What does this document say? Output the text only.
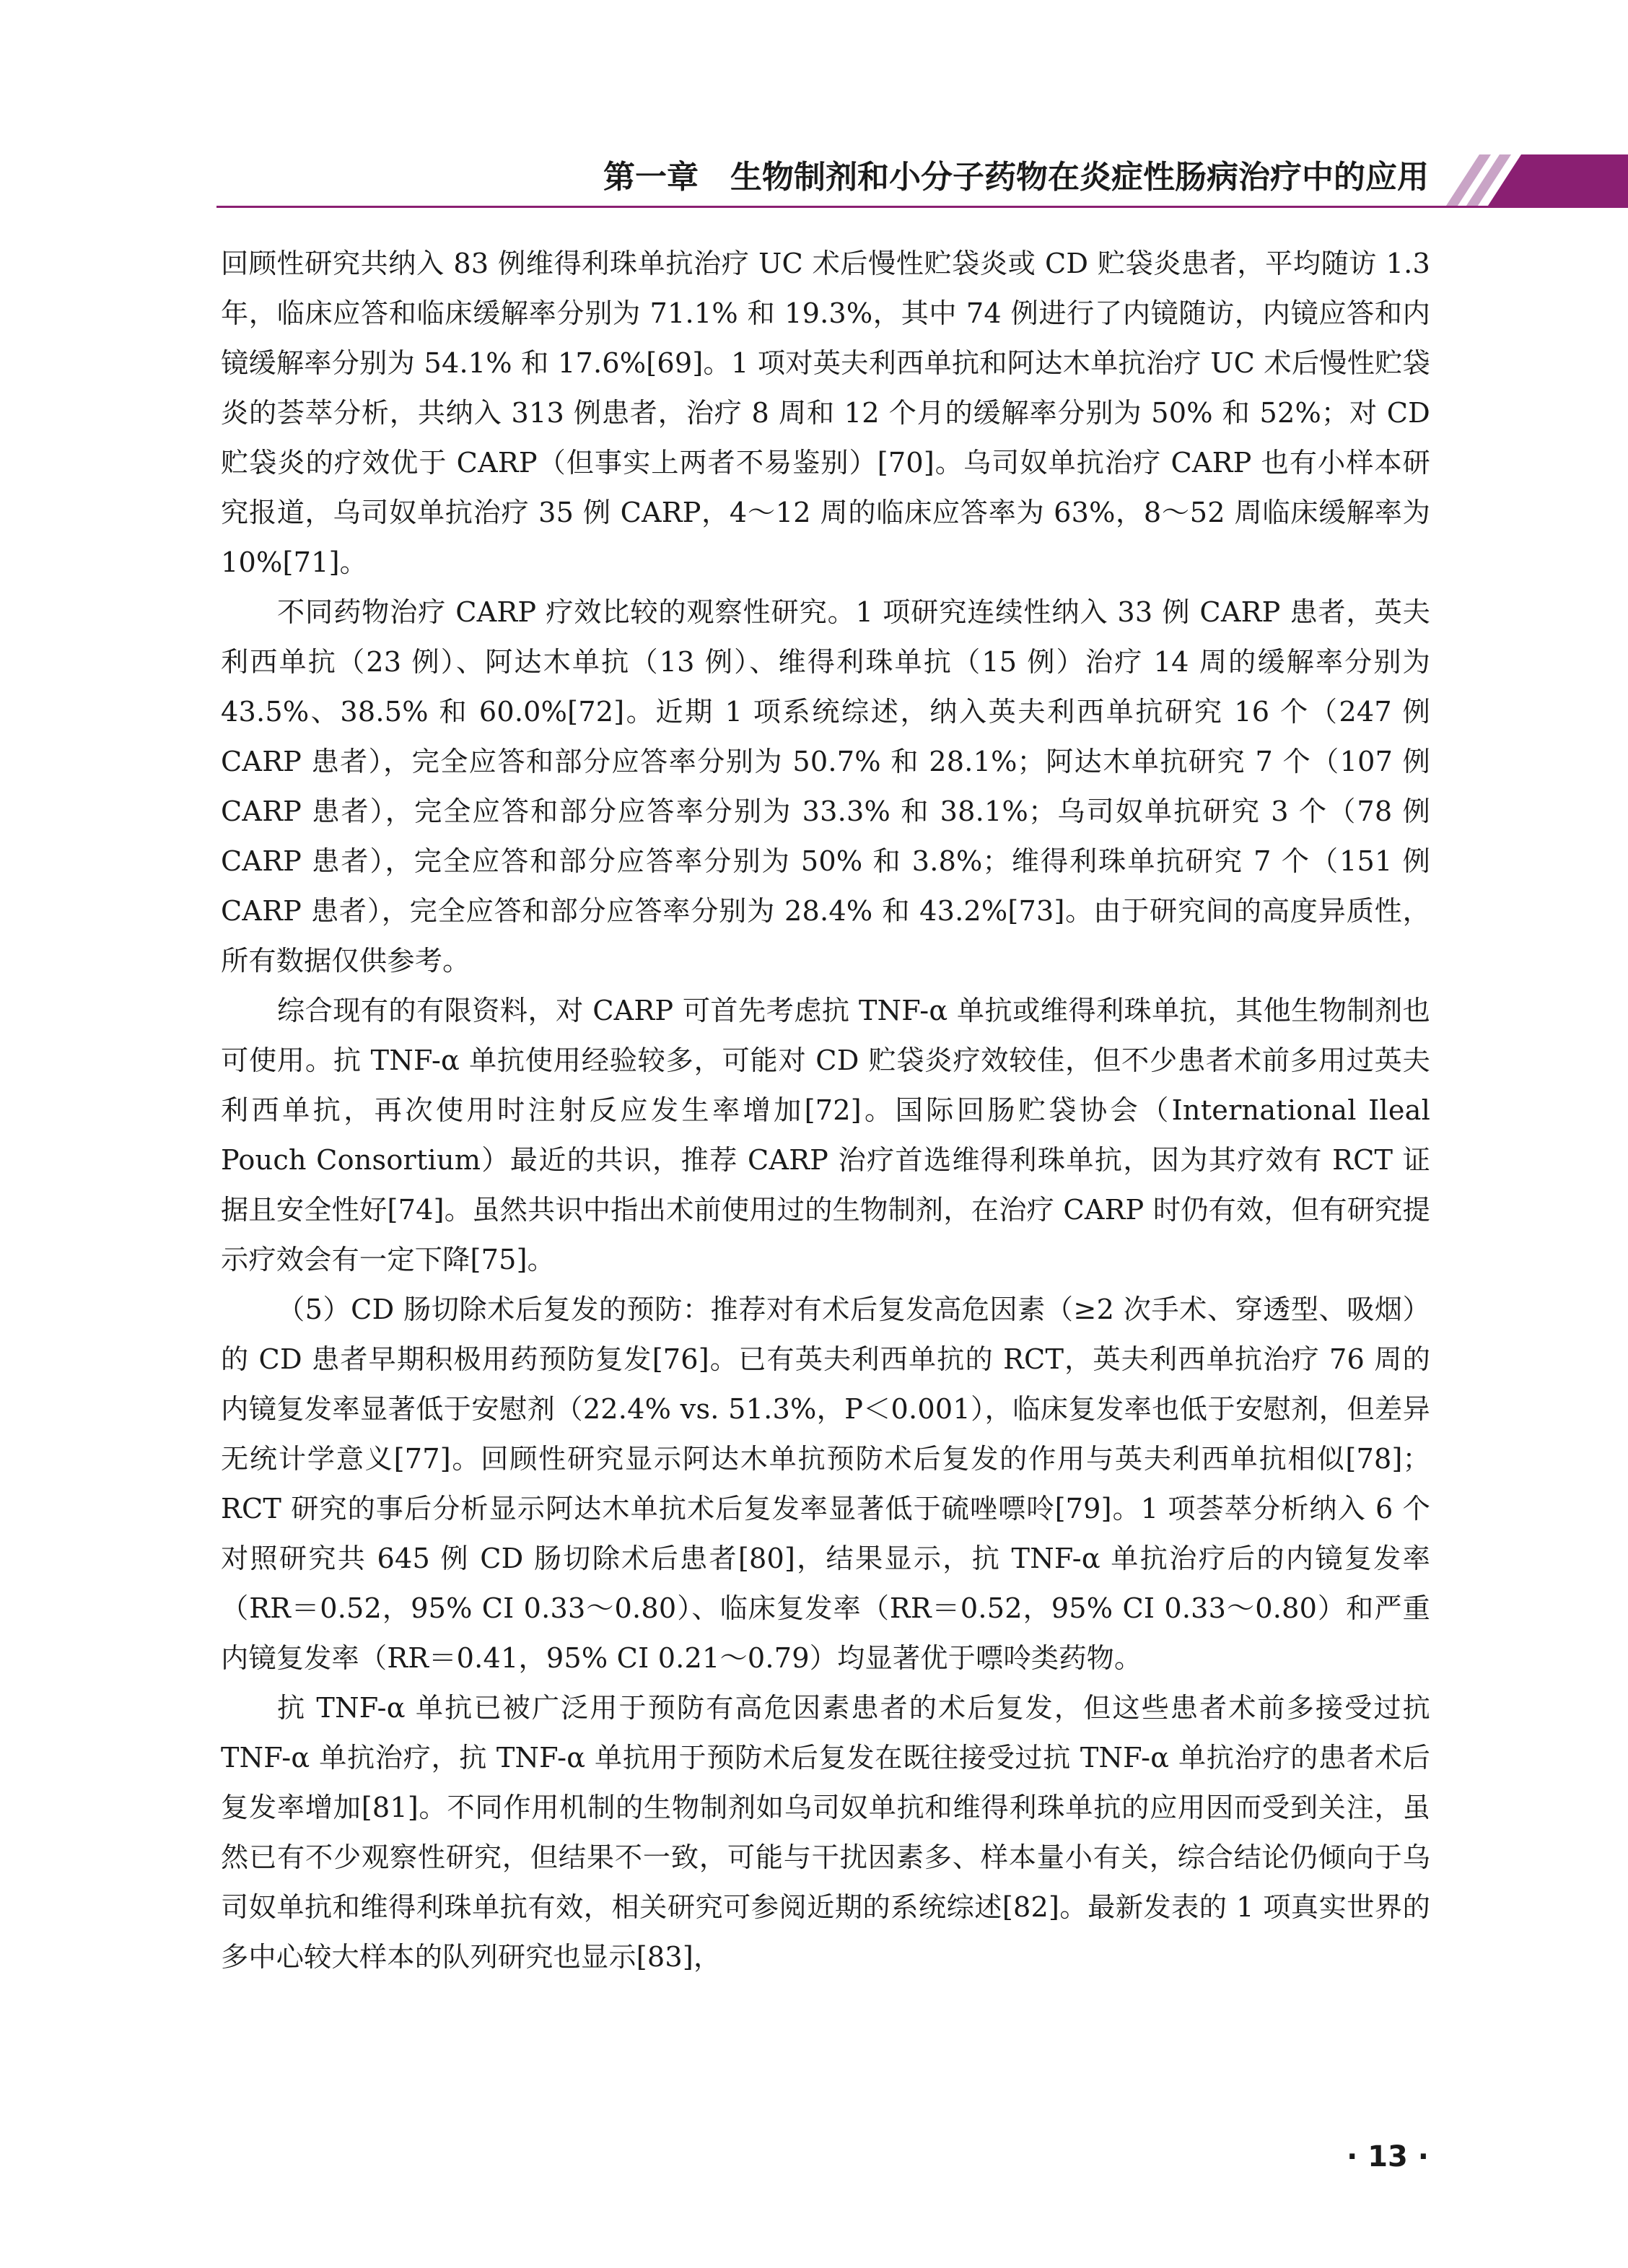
第一章　生物制剂和小分子药物在炎症性肠病治疗中的应用

回顾性研究共纳入 83 例维得利珠单抗治疗 UC 术后慢性贮袋炎或 CD 贮袋炎患者，平均随访 1.3 年，临床应答和临床缓解率分别为 71.1% 和 19.3%，其中 74 例进行了内镜随访，内镜应答和内镜缓解率分别为 54.1% 和 17.6%[69]。1 项对英夫利西单抗和阿达木单抗治疗 UC 术后慢性贮袋炎的荟萃分析，共纳入 313 例患者，治疗 8 周和 12 个月的缓解率分别为 50% 和 52%；对 CD 贮袋炎的疗效优于 CARP（但事实上两者不易鉴别）[70]。乌司奴单抗治疗 CARP 也有小样本研究报道，乌司奴单抗治疗 35 例 CARP，4～12 周的临床应答率为 63%，8～52 周临床缓解率为 10%[71]。

不同药物治疗 CARP 疗效比较的观察性研究。1 项研究连续性纳入 33 例 CARP 患者，英夫利西单抗（23 例）、阿达木单抗（13 例）、维得利珠单抗（15 例）治疗 14 周的缓解率分别为 43.5%、38.5% 和 60.0%[72]。近期 1 项系统综述，纳入英夫利西单抗研究 16 个（247 例 CARP 患者），完全应答和部分应答率分别为 50.7% 和 28.1%；阿达木单抗研究 7 个（107 例 CARP 患者），完全应答和部分应答率分别为 33.3% 和 38.1%；乌司奴单抗研究 3 个（78 例 CARP 患者），完全应答和部分应答率分别为 50% 和 3.8%；维得利珠单抗研究 7 个（151 例 CARP 患者），完全应答和部分应答率分别为 28.4% 和 43.2%[73]。由于研究间的高度异质性，所有数据仅供参考。

综合现有的有限资料，对 CARP 可首先考虑抗 TNF-α 单抗或维得利珠单抗，其他生物制剂也可使用。抗 TNF-α 单抗使用经验较多，可能对 CD 贮袋炎疗效较佳，但不少患者术前多用过英夫利西单抗，再次使用时注射反应发生率增加[72]。国际回肠贮袋协会（International Ileal Pouch Consortium）最近的共识，推荐 CARP 治疗首选维得利珠单抗，因为其疗效有 RCT 证据且安全性好[74]。虽然共识中指出术前使用过的生物制剂，在治疗 CARP 时仍有效，但有研究提示疗效会有一定下降[75]。

（5）CD 肠切除术后复发的预防：推荐对有术后复发高危因素（≥2 次手术、穿透型、吸烟）的 CD 患者早期积极用药预防复发[76]。已有英夫利西单抗的 RCT，英夫利西单抗治疗 76 周的内镜复发率显著低于安慰剂（22.4% vs. 51.3%，P＜0.001），临床复发率也低于安慰剂，但差异无统计学意义[77]。回顾性研究显示阿达木单抗预防术后复发的作用与英夫利西单抗相似[78]；RCT 研究的事后分析显示阿达木单抗术后复发率显著低于硫唑嘌呤[79]。1 项荟萃分析纳入 6 个对照研究共 645 例 CD 肠切除术后患者[80]，结果显示，抗 TNF-α 单抗治疗后的内镜复发率（RR＝0.52，95% CI 0.33～0.80）、临床复发率（RR＝0.52，95% CI 0.33～0.80）和严重内镜复发率（RR＝0.41，95% CI 0.21～0.79）均显著优于嘌呤类药物。

抗 TNF-α 单抗已被广泛用于预防有高危因素患者的术后复发，但这些患者术前多接受过抗 TNF-α 单抗治疗，抗 TNF-α 单抗用于预防术后复发在既往接受过抗 TNF-α 单抗治疗的患者术后复发率增加[81]。不同作用机制的生物制剂如乌司奴单抗和维得利珠单抗的应用因而受到关注，虽然已有不少观察性研究，但结果不一致，可能与干扰因素多、样本量小有关，综合结论仍倾向于乌司奴单抗和维得利珠单抗有效，相关研究可参阅近期的系统综述[82]。最新发表的 1 项真实世界的多中心较大样本的队列研究也显示[83]，

· 13 ·
